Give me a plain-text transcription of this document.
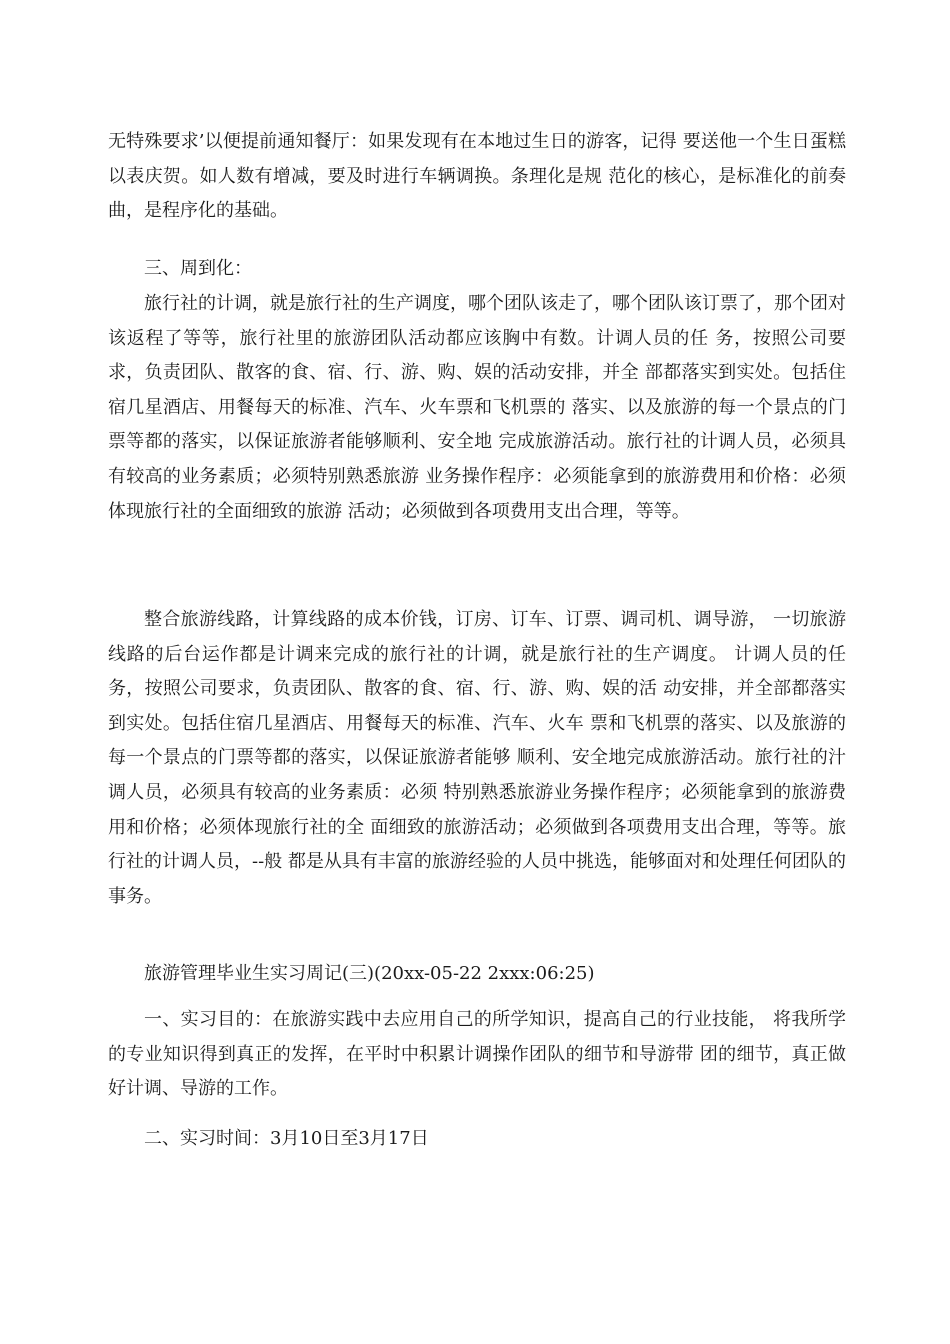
无特殊要求’以便提前通知餐厅：如果发现有在本地过生日的游客，记得 要送他一个生日蛋糕以表庆贺。如人数有增减，要及时进行车辆调换。条理化是规 范化的核心，是标准化的前奏曲，是程序化的基础。

三、周到化：

旅行社的计调，就是旅行社的生产调度，哪个团队该走了，哪个团队该订票了，那个团对该返程了等等，旅行社里的旅游团队活动都应该胸中有数。计调人员的任 务，按照公司要求，负责团队、散客的食、宿、行、游、购、娱的活动安排，并全 部都落实到实处。包括住宿几星酒店、用餐每天的标准、汽车、火车票和飞机票的 落实、以及旅游的每一个景点的门票等都的落实，以保证旅游者能够顺利、安全地 完成旅游活动。旅行社的计调人员，必须具有较高的业务素质；必须特别熟悉旅游 业务操作程序：必须能拿到的旅游费用和价格：必须体现旅行社的全面细致的旅游 活动；必须做到各项费用支出合理，等等。

整合旅游线路，计算线路的成本价钱，订房、订车、订票、调司机、调导游， 一切旅游线路的后台运作都是计调来完成的旅行社的计调，就是旅行社的生产调度。 计调人员的任务，按照公司要求，负责团队、散客的食、宿、行、游、购、娱的活 动安排，并全部都落实到实处。包括住宿几星酒店、用餐每天的标准、汽车、火车 票和飞机票的落实、以及旅游的每一个景点的门票等都的落实，以保证旅游者能够 顺利、安全地完成旅游活动。旅行社的汁调人员，必须具有较高的业务素质：必须 特别熟悉旅游业务操作程序；必须能拿到的旅游费用和价格；必须体现旅行社的全 面细致的旅游活动；必须做到各项费用支出合理，等等。旅行社的计调人员，--般 都是从具有丰富的旅游经验的人员中挑选，能够面对和处理任何团队的事务。

旅游管理毕业生实习周记(三)(20xx-05-22 2xxx:06:25)

一、实习目的：在旅游实践中去应用自己的所学知识，提高自己的行业技能， 将我所学的专业知识得到真正的发挥，在平时中积累计调操作团队的细节和导游带 团的细节，真正做好计调、导游的工作。

二、实习时间：3月10日至3月17日
